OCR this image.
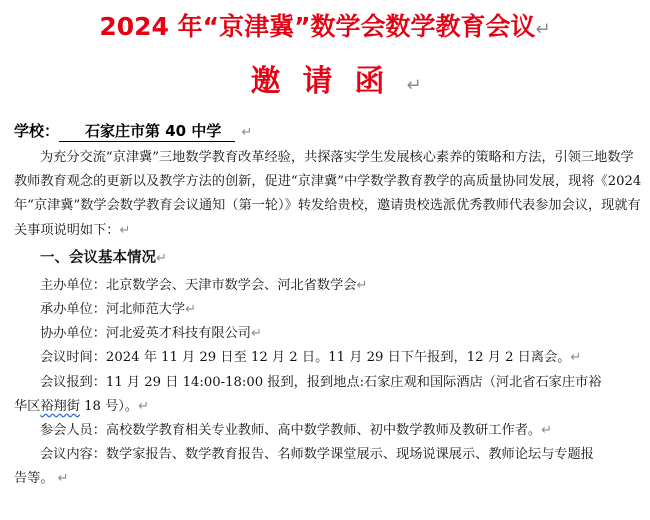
2024 年“京津冀”数学会数学教育会议↵
邀请函↵
学校： 石家庄市第 40 中学 ↵

为充分交流“京津冀”三地数学教育改革经验，共探落实学生发展核心素养的策略和方法，引领三地数学教师教育观念的更新以及教学方法的创新，促进“京津冀”中学数学教育教学的高质量协同发展，现将《2024 年“京津冀”数学会数学教育会议通知（第一轮）》转发给贵校，邀请贵校选派优秀教师代表参加会议，现就有关事项说明如下：↵

一、会议基本情况↵

主办单位：北京数学会、天津市数学会、河北省数学会↵

承办单位：河北师范大学↵

协办单位：河北爱英才科技有限公司↵

会议时间：2024 年 11 月 29 日至 12 月 2 日。11 月 29 日下午报到，12 月 2 日离会。↵

会议报到：11 月 29 日 14:00-18:00 报到，报到地点:石家庄观和国际酒店（河北省石家庄市裕

华区裕翔街 18 号）。↵

参会人员：高校数学教育相关专业教师、高中数学教师、初中数学教师及教研工作者。↵

会议内容：数学家报告、数学教育报告、名师数学课堂展示、现场说课展示、教师论坛与专题报

告等。 ↵
